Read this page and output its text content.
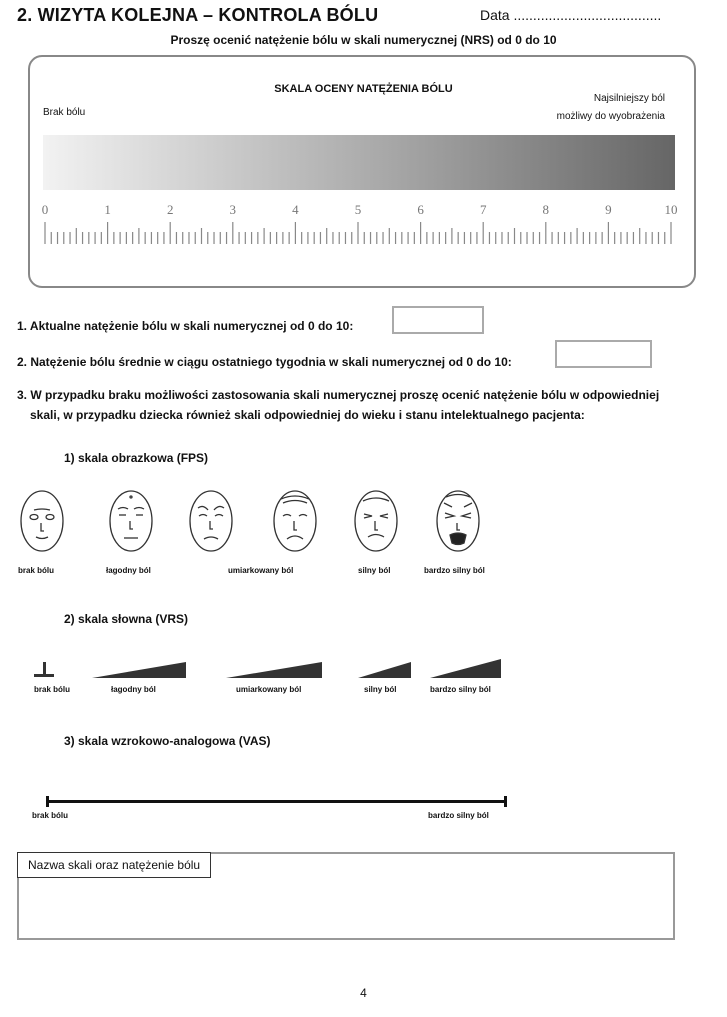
2. WIZYTA KOLEJNA – KONTROLA BÓLU	Data ......................................
Proszę ocenić natężenie bólu w skali numerycznej (NRS) od 0 do 10
SKALA OCENY NATĘŻENIA BÓLU
Brak bólu
Najsilniejszy ból
możliwy do wyobrażenia
0	1	2	3	4	5	6	7	8	9	10
1. Aktualne natężenie bólu w skali numerycznej od 0 do 10:
2. Natężenie bólu średnie w ciągu ostatniego tygodnia w skali numerycznej od 0 do 10:
3. W przypadku braku możliwości zastosowania skali numerycznej proszę ocenić natężenie bólu w odpowiedniej
skali, w przypadku dziecka również skali odpowiedniej do wieku i stanu intelektualnego pacjenta:
1) skala obrazkowa (FPS)
brak bólu	łagodny ból	umiarkowany ból	silny ból	bardzo silny ból
2) skala słowna (VRS)
brak bólu	łagodny ból	umiarkowany ból	silny ból	bardzo silny ból
3) skala wzrokowo-analogowa (VAS)
brak bólu	bardzo silny ból
Nazwa skali oraz natężenie bólu
4
